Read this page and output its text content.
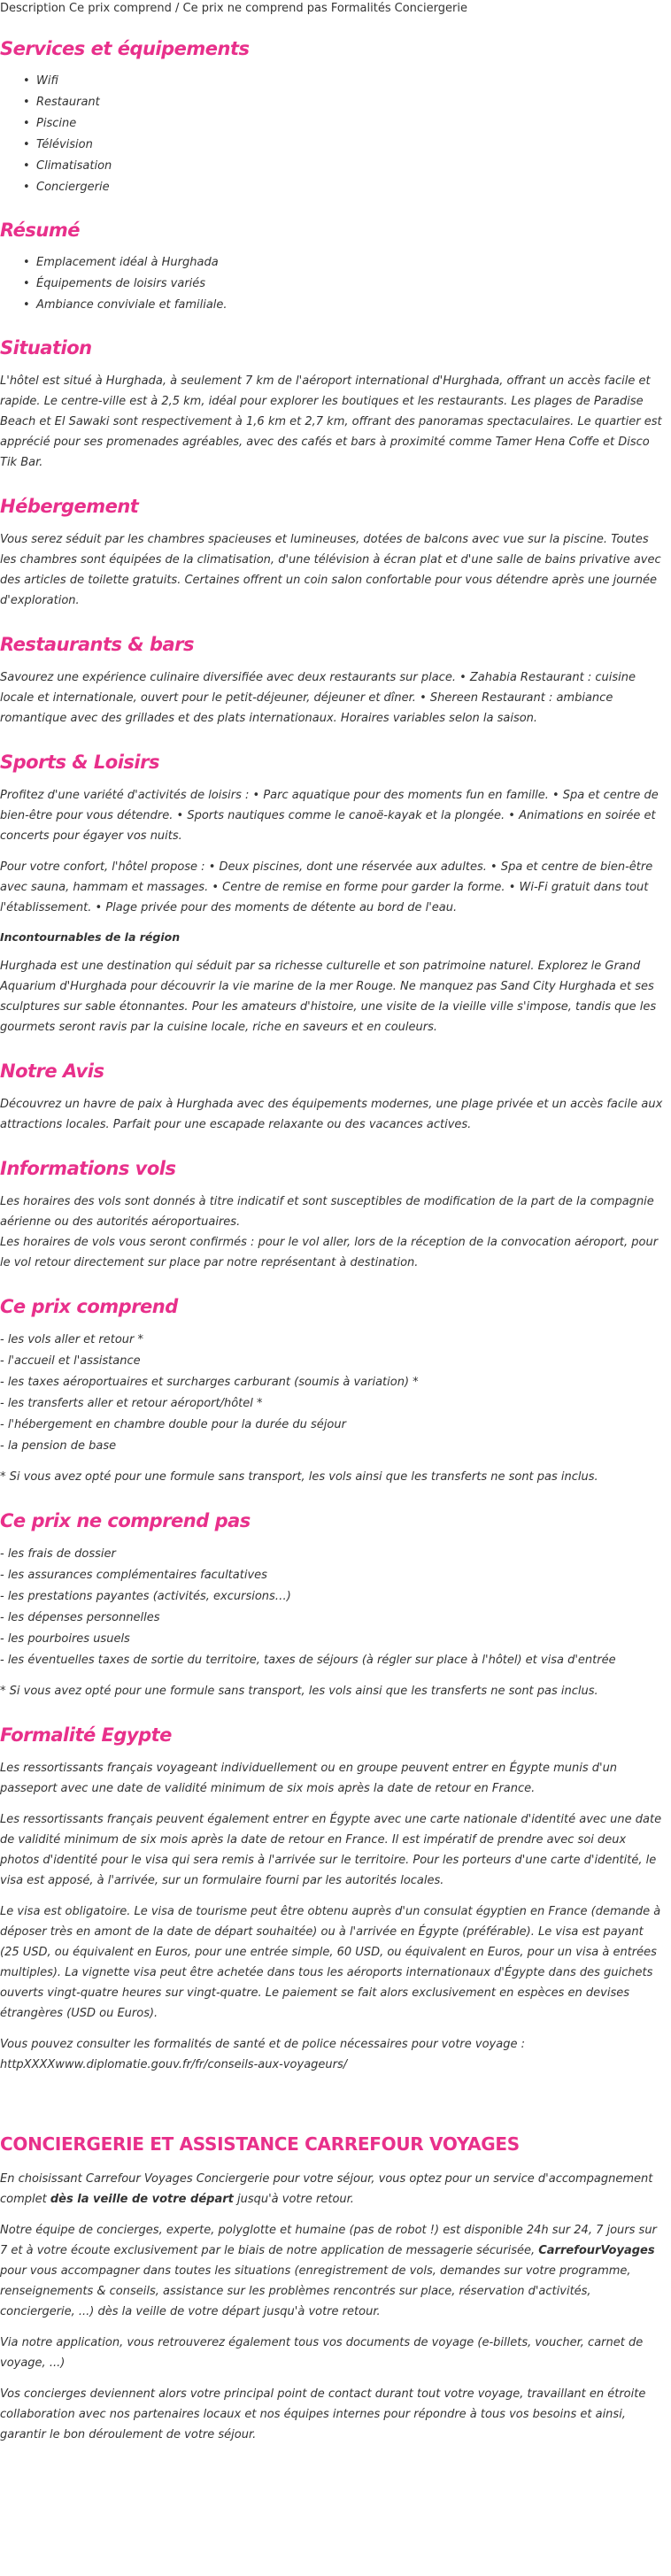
Description Ce prix comprend / Ce prix ne comprend pas Formalités Conciergerie
Services et équipements
• Wifi
• Restaurant
• Piscine
• Télévision
• Climatisation
• Conciergerie
Résumé
• Emplacement idéal à Hurghada
• Équipements de loisirs variés
• Ambiance conviviale et familiale.
Situation

L'hôtel est situé à Hurghada, à seulement 7 km de l'aéroport international d'Hurghada, offrant un accès facile et rapide. Le centre-ville est à 2,5 km, idéal pour explorer les boutiques et les restaurants. Les plages de Paradise Beach et El Sawaki sont respectivement à 1,6 km et 2,7 km, offrant des panoramas spectaculaires. Le quartier est apprécié pour ses promenades agréables, avec des cafés et bars à proximité comme Tamer Hena Coffe et Disco Tik Bar.

Hébergement

Vous serez séduit par les chambres spacieuses et lumineuses, dotées de balcons avec vue sur la piscine. Toutes les chambres sont équipées de la climatisation, d'une télévision à écran plat et d'une salle de bains privative avec des articles de toilette gratuits. Certaines offrent un coin salon confortable pour vous détendre après une journée d'exploration.

Restaurants & bars

Savourez une expérience culinaire diversifiée avec deux restaurants sur place. • Zahabia Restaurant : cuisine locale et internationale, ouvert pour le petit-déjeuner, déjeuner et dîner. • Shereen Restaurant : ambiance romantique avec des grillades et des plats internationaux. Horaires variables selon la saison.

Sports & Loisirs

Profitez d'une variété d'activités de loisirs : • Parc aquatique pour des moments fun en famille. • Spa et centre de bien-être pour vous détendre. • Sports nautiques comme le canoë-kayak et la plongée. • Animations en soirée et concerts pour égayer vos nuits.

Pour votre confort, l'hôtel propose : • Deux piscines, dont une réservée aux adultes. • Spa et centre de bien-être avec sauna, hammam et massages. • Centre de remise en forme pour garder la forme. • Wi-Fi gratuit dans tout l'établissement. • Plage privée pour des moments de détente au bord de l'eau.

Incontournables de la région

Hurghada est une destination qui séduit par sa richesse culturelle et son patrimoine naturel. Explorez le Grand Aquarium d'Hurghada pour découvrir la vie marine de la mer Rouge. Ne manquez pas Sand City Hurghada et ses sculptures sur sable étonnantes. Pour les amateurs d'histoire, une visite de la vieille ville s'impose, tandis que les gourmets seront ravis par la cuisine locale, riche en saveurs et en couleurs.

Notre Avis

Découvrez un havre de paix à Hurghada avec des équipements modernes, une plage privée et un accès facile aux attractions locales. Parfait pour une escapade relaxante ou des vacances actives.

Informations vols

Les horaires des vols sont donnés à titre indicatif et sont susceptibles de modification de la part de la compagnie aérienne ou des autorités aéroportuaires.

Les horaires de vols vous seront confirmés : pour le vol aller, lors de la réception de la convocation aéroport, pour le vol retour directement sur place par notre représentant à destination.

Ce prix comprend
- les vols aller et retour *
- l'accueil et l'assistance
- les taxes aéroportuaires et surcharges carburant (soumis à variation) *
- les transferts aller et retour aéroport/hôtel *
- l'hébergement en chambre double pour la durée du séjour
- la pension de base

* Si vous avez opté pour une formule sans transport, les vols ainsi que les transferts ne sont pas inclus.

Ce prix ne comprend pas
- les frais de dossier
- les assurances complémentaires facultatives
- les prestations payantes (activités, excursions…)
- les dépenses personnelles
- les pourboires usuels
- les éventuelles taxes de sortie du territoire, taxes de séjours (à régler sur place à l'hôtel) et visa d'entrée

* Si vous avez opté pour une formule sans transport, les vols ainsi que les transferts ne sont pas inclus.

Formalité Egypte

Les ressortissants français voyageant individuellement ou en groupe peuvent entrer en Égypte munis d'un passeport avec une date de validité minimum de six mois après la date de retour en France.

Les ressortissants français peuvent également entrer en Égypte avec une carte nationale d'identité avec une date de validité minimum de six mois après la date de retour en France. Il est impératif de prendre avec soi deux photos d'identité pour le visa qui sera remis à l'arrivée sur le territoire. Pour les porteurs d'une carte d'identité, le visa est apposé, à l'arrivée, sur un formulaire fourni par les autorités locales.

Le visa est obligatoire. Le visa de tourisme peut être obtenu auprès d'un consulat égyptien en France (demande à déposer très en amont de la date de départ souhaitée) ou à l'arrivée en Égypte (préférable). Le visa est payant (25 USD, ou équivalent en Euros, pour une entrée simple, 60 USD, ou équivalent en Euros, pour un visa à entrées multiples). La vignette visa peut être achetée dans tous les aéroports internationaux d'Égypte dans des guichets ouverts vingt-quatre heures sur vingt-quatre. Le paiement se fait alors exclusivement en espèces en devises étrangères (USD ou Euros).

Vous pouvez consulter les formalités de santé et de police nécessaires pour votre voyage :

httpXXXXwww.diplomatie.gouv.fr/fr/conseils-aux-voyageurs/

CONCIERGERIE ET ASSISTANCE CARREFOUR VOYAGES

En choisissant Carrefour Voyages Conciergerie pour votre séjour, vous optez pour un service d'accompagnement complet dès la veille de votre départ jusqu'à votre retour.

Notre équipe de concierges, experte, polyglotte et humaine (pas de robot !) est disponible 24h sur 24, 7 jours sur 7 et à votre écoute exclusivement par le biais de notre application de messagerie sécurisée, CarrefourVoyages pour vous accompagner dans toutes les situations (enregistrement de vols, demandes sur votre programme, renseignements & conseils, assistance sur les problèmes rencontrés sur place, réservation d'activités, conciergerie, ...) dès la veille de votre départ jusqu'à votre retour.

Via notre application, vous retrouverez également tous vos documents de voyage (e-billets, voucher, carnet de voyage, ...)

Vos concierges deviennent alors votre principal point de contact durant tout votre voyage, travaillant en étroite collaboration avec nos partenaires locaux et nos équipes internes pour répondre à tous vos besoins et ainsi, garantir le bon déroulement de votre séjour.
